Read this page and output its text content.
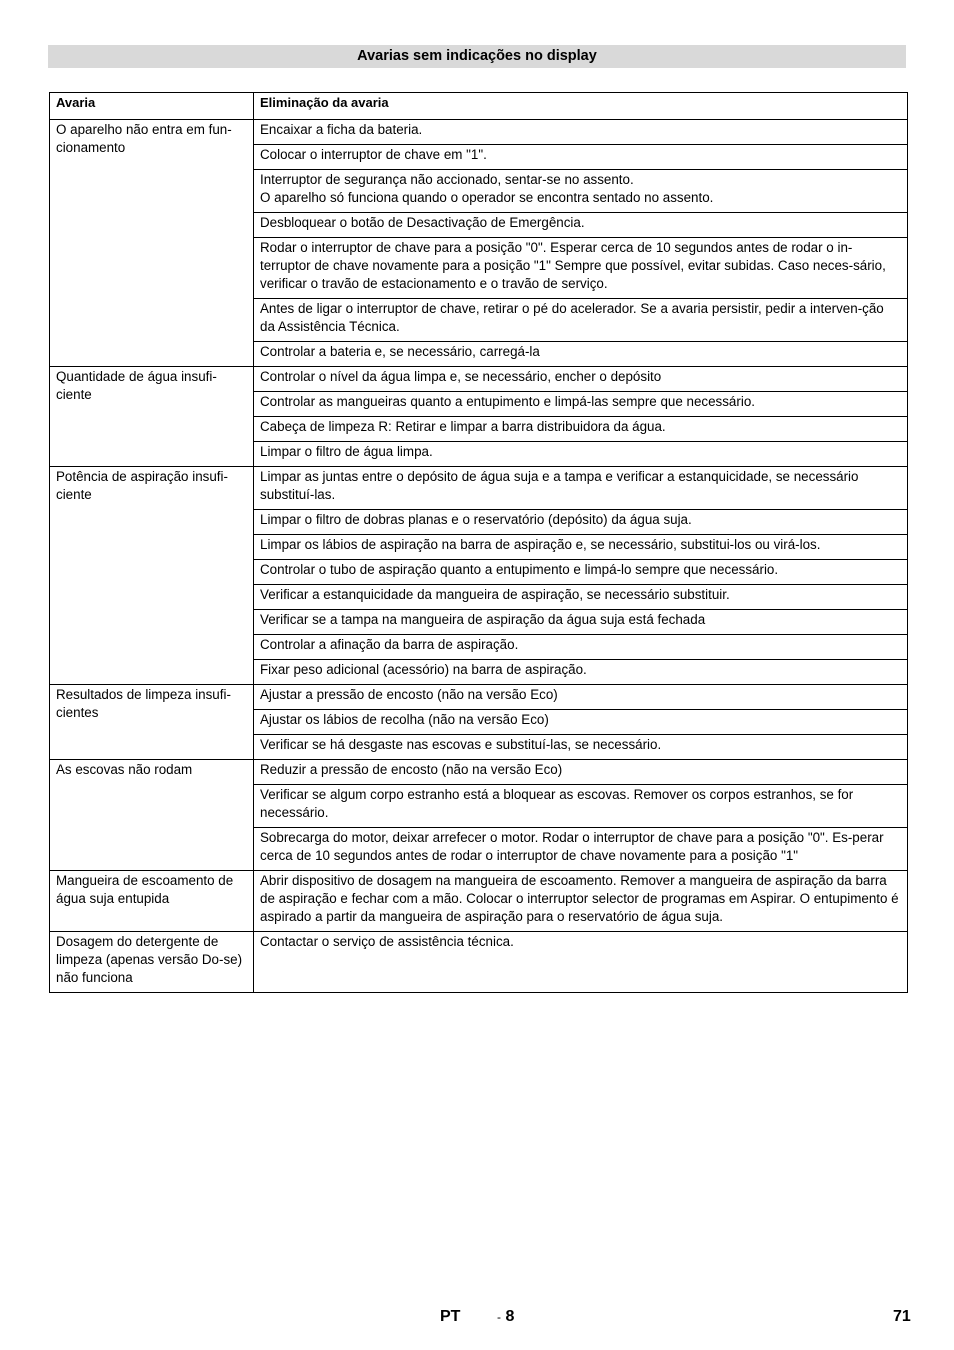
Avarias sem indicações no display
Avaria	Eliminação da avaria
O aparelho não entra em fun-cionamento	Encaixar a ficha da bateria.
	Colocar o interruptor de chave em "1".
	Interruptor de segurança não accionado, sentar-se no assento.
O aparelho só funciona quando o operador se encontra sentado no assento.
	Desbloquear o botão de Desactivação de Emergência.
	Rodar o interruptor de chave para a posição "0". Esperar cerca de 10 segundos antes de rodar o in-terruptor de chave novamente para a posição "1" Sempre que possível, evitar subidas. Caso neces-sário, verificar o travão de estacionamento e o travão de serviço.
	Antes de ligar o interruptor de chave, retirar o pé do acelerador. Se a avaria persistir, pedir a interven-ção da Assistência Técnica.
	Controlar a bateria e, se necessário, carregá-la
Quantidade de água insufi-ciente	Controlar o nível da água limpa e, se necessário, encher o depósito
	Controlar as mangueiras quanto a entupimento e limpá-las sempre que necessário.
	Cabeça de limpeza R: Retirar e limpar a barra distribuidora da água.
	Limpar o filtro de água limpa.
Potência de aspiração insufi-ciente	Limpar as juntas entre o depósito de água suja e a tampa e verificar a estanquicidade, se necessário substituí-las.
	Limpar o filtro de dobras planas e o reservatório (depósito) da água suja.
	Limpar os lábios de aspiração na barra de aspiração e, se necessário, substitui-los ou virá-los.
	Controlar o tubo de aspiração quanto a entupimento e limpá-lo sempre que necessário.
	Verificar a estanquicidade da mangueira de aspiração, se necessário substituir.
	Verificar se a tampa na mangueira de aspiração da água suja está fechada
	Controlar a afinação da barra de aspiração.
	Fixar peso adicional (acessório) na barra de aspiração.
Resultados de limpeza insufi-cientes	Ajustar a pressão de encosto (não na versão Eco)
	Ajustar os lábios de recolha (não na versão Eco)
	Verificar se há desgaste nas escovas e substituí-las, se necessário.
As escovas não rodam	Reduzir a pressão de encosto (não na versão Eco)
	Verificar se algum corpo estranho está a bloquear as escovas. Remover os corpos estranhos, se for necessário.
	Sobrecarga do motor, deixar arrefecer o motor. Rodar o interruptor de chave para a posição "0". Es-perar cerca de 10 segundos antes de rodar o interruptor de chave novamente para a posição "1"
Mangueira de escoamento de água suja entupida	Abrir dispositivo de dosagem na mangueira de escoamento. Remover a mangueira de aspiração da barra de aspiração e fechar com a mão. Colocar o interruptor selector de programas em Aspirar. O entupimento é aspirado a partir da mangueira de aspiração para o reservatório de água suja.
Dosagem do detergente de limpeza (apenas versão Do-se) não funciona	Contactar o serviço de assistência técnica.
PT	- 8	71
